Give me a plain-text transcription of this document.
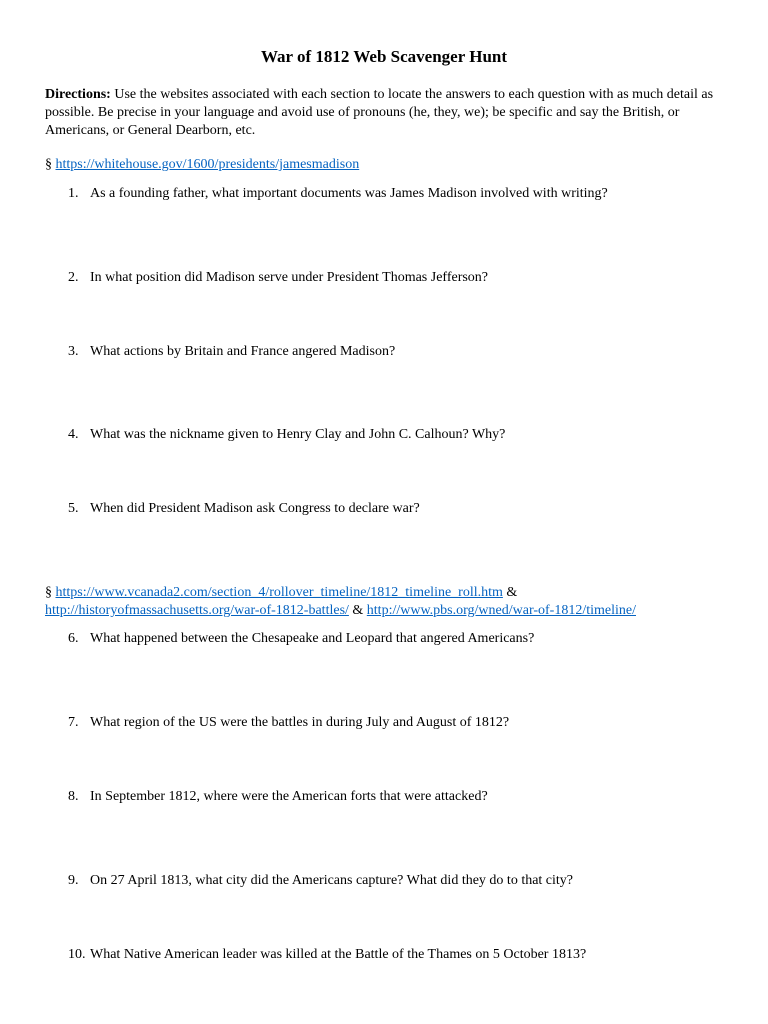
War of 1812 Web Scavenger Hunt
Directions: Use the websites associated with each section to locate the answers to each question with as much detail as possible. Be precise in your language and avoid use of pronouns (he, they, we); be specific and say the British, or Americans, or General Dearborn, etc.
§ https://whitehouse.gov/1600/presidents/jamesmadison
1. As a founding father, what important documents was James Madison involved with writing?
2. In what position did Madison serve under President Thomas Jefferson?
3. What actions by Britain and France angered Madison?
4. What was the nickname given to Henry Clay and John C. Calhoun? Why?
5. When did President Madison ask Congress to declare war?
§ https://www.vcanada2.com/section_4/rollover_timeline/1812_timeline_roll.htm &
http://historyofmassachusetts.org/war-of-1812-battles/ & http://www.pbs.org/wned/war-of-1812/timeline/
6. What happened between the Chesapeake and Leopard that angered Americans?
7. What region of the US were the battles in during July and August of 1812?
8. In September 1812, where were the American forts that were attacked?
9. On 27 April 1813, what city did the Americans capture? What did they do to that city?
10. What Native American leader was killed at the Battle of the Thames on 5 October 1813?
